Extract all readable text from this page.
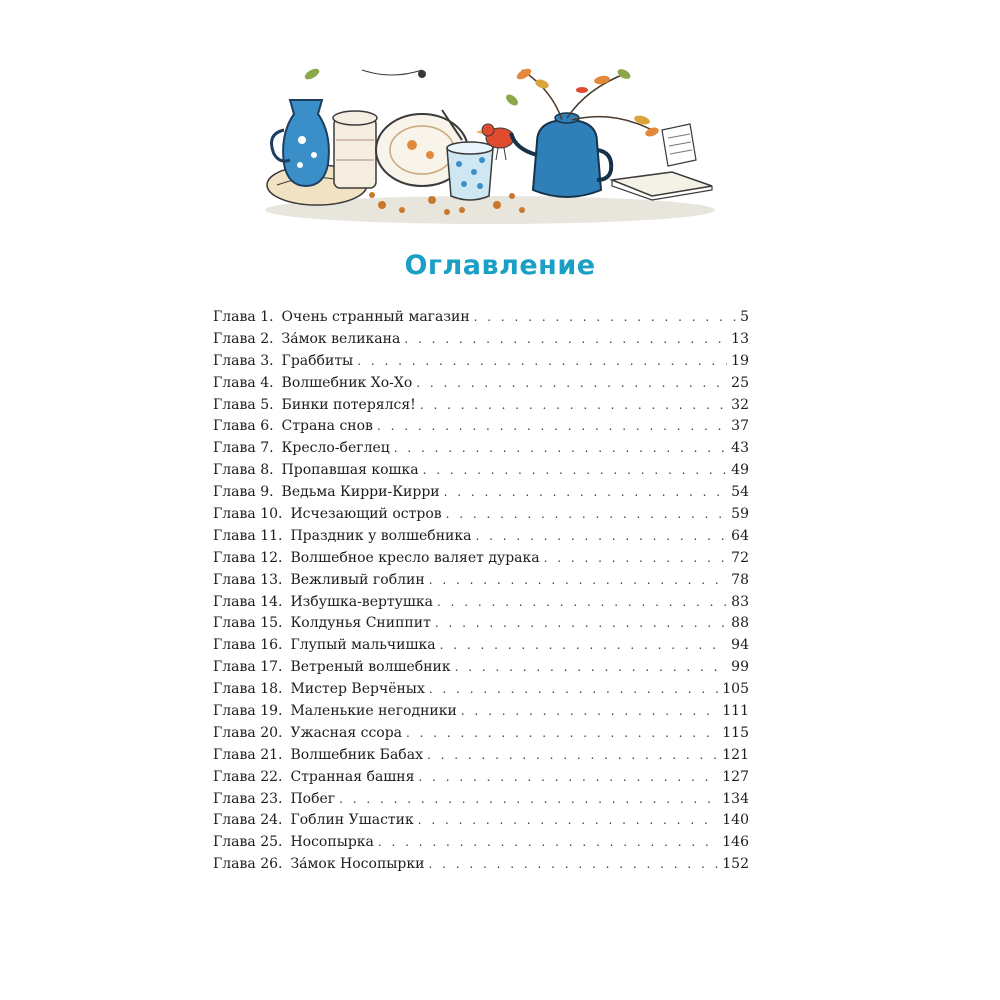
Оглавление
Глава 1. Очень странный магазин . . .	5
Глава 2. За́мок великана . . .	13
Глава 3. Граббиты . . .	19
Глава 4. Волшебник Хо-Хо . . .	25
Глава 5. Бинки потерялся! . . .	32
Глава 6. Страна снов . . .	37
Глава 7. Кресло-беглец . . .	43
Глава 8. Пропавшая кошка . . .	49
Глава 9. Ведьма Кирри-Кирри . . .	54
Глава 10. Исчезающий остров . . .	59
Глава 11. Праздник у волшебника . . .	64
Глава 12. Волшебное кресло валяет дурака . . .	72
Глава 13. Вежливый гоблин . . .	78
Глава 14. Избушка-вертушка . . .	83
Глава 15. Колдунья Сниппит . . .	88
Глава 16. Глупый мальчишка . . .	94
Глава 17. Ветреный волшебник . . .	99
Глава 18. Мистер Верчёных . . .	105
Глава 19. Маленькие негодники . . .	111
Глава 20. Ужасная ссора . . .	115
Глава 21. Волшебник Бабах . . .	121
Глава 22. Странная башня . . .	127
Глава 23. Побег . . .	134
Глава 24. Гоблин Ушастик . . .	140
Глава 25. Носопырка . . .	146
Глава 26. За́мок Носопырки . . .	152
